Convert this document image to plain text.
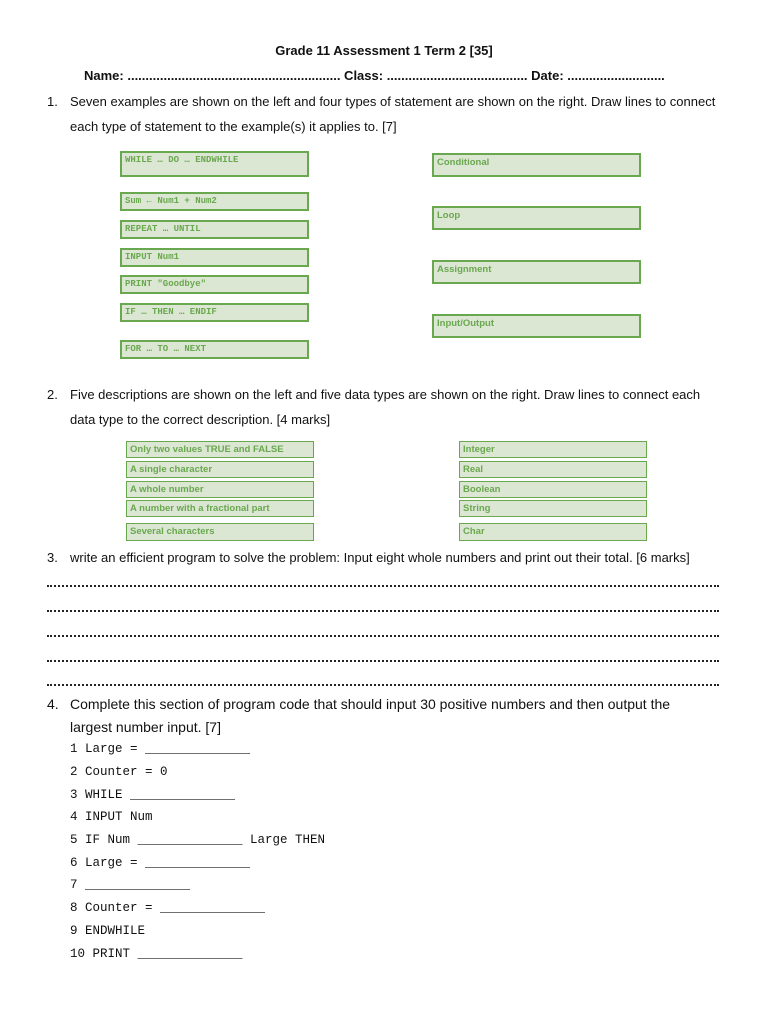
Grade 11 Assessment 1 Term 2 [35]
Name: ........................................................... Class: ....................................... Date: ...........................
1. Seven examples are shown on the left and four types of statement are shown on the right. Draw lines to connect
each type of statement to the example(s) it applies to. [7]
WHILE … DO … ENDWHILE
Sum ← Num1 + Num2
REPEAT … UNTIL
INPUT Num1
PRINT "Goodbye"
IF … THEN … ENDIF
FOR … TO … NEXT
Conditional
Loop
Assignment
Input/Output
2. Five descriptions are shown on the left and five data types are shown on the right. Draw lines to connect each
data type to the correct description. [4 marks]
Only two values TRUE and FALSE
A single character
A whole number
A number with a fractional part
Several characters
Integer
Real
Boolean
String
Char
3. write an efficient program to solve the problem: Input eight whole numbers and print out their total. [6 marks]
4. Complete this section of program code that should input 30 positive numbers and then output the
largest number input. [7]
1 Large = ______________
2 Counter = 0
3 WHILE ______________
4 INPUT Num
5 IF Num ______________ Large THEN
6 Large = ______________
7 ______________
8 Counter = ______________
9 ENDWHILE
10 PRINT ______________
